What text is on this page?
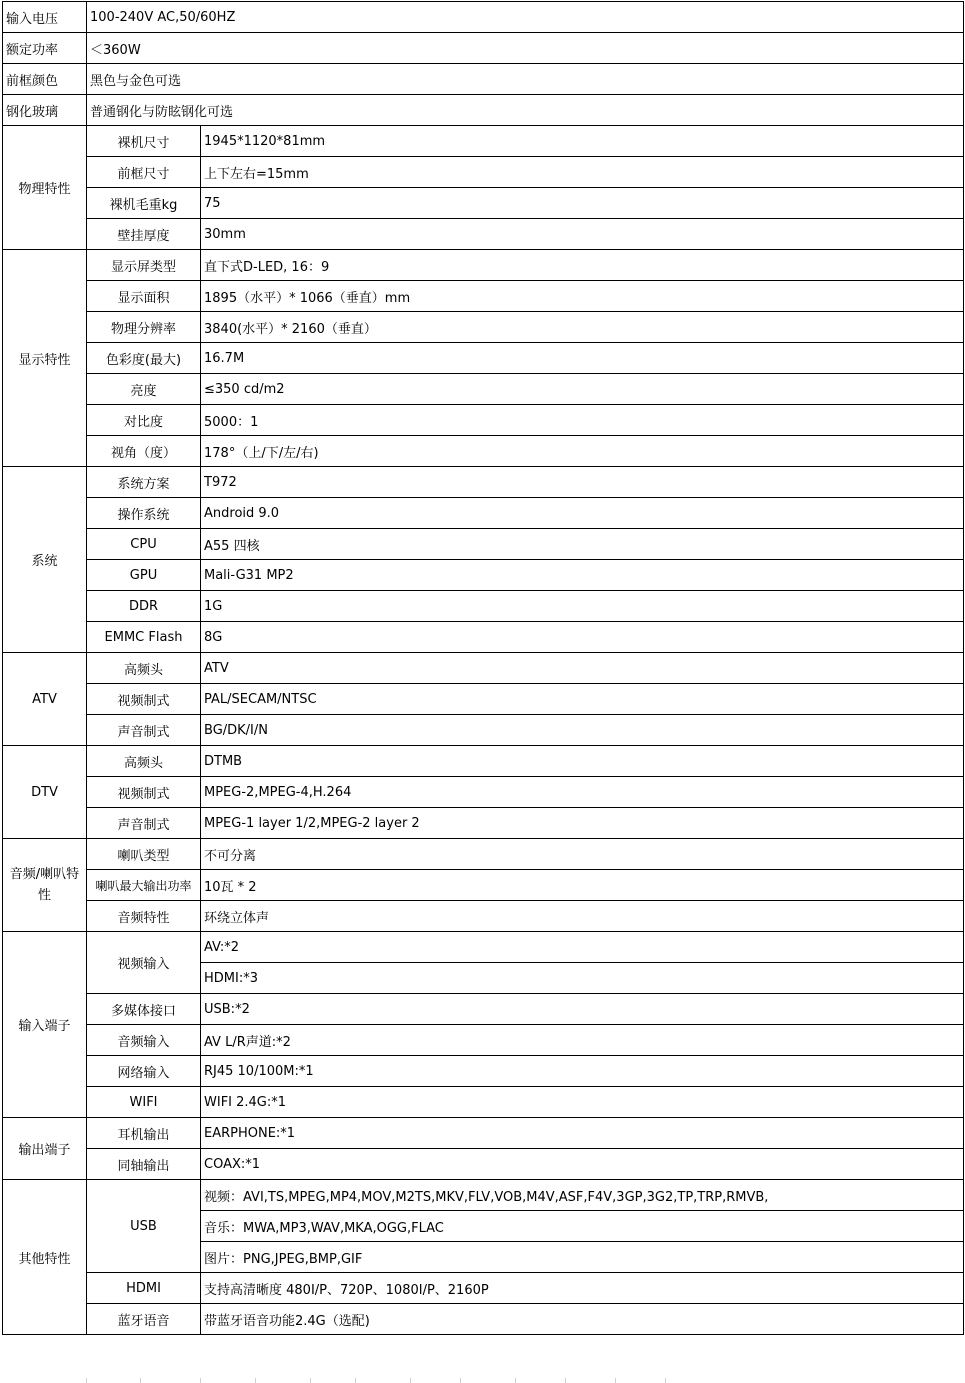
输入电压	100-240V AC,50/60HZ	
额定功率	＜360W	
前框颜色	黑色与金色可选	
钢化玻璃	普通钢化与防眩钢化可选	
物理特性	裸机尺寸	1945*1120*81mm
	前框尺寸	上下左右=15mm
	裸机毛重kg	75
	壁挂厚度	30mm
显示特性	显示屏类型	直下式D-LED, 16：9
	显示面积	1895（水平）* 1066（垂直）mm
	物理分辨率	3840(水平）* 2160（垂直）
	色彩度(最大)	16.7M
	亮度	≤350 cd/m2
	对比度	5000：1
	视角（度）	178°（上/下/左/右)
系统	系统方案	T972
	操作系统	Android 9.0
	CPU	A55 四核
	GPU	Mali-G31 MP2
	DDR	1G
	EMMC Flash	8G
ATV	高频头	ATV
	视频制式	PAL/SECAM/NTSC
	声音制式	BG/DK/I/N
DTV	高频头	DTMB
	视频制式	MPEG-2,MPEG-4,H.264
	声音制式	MPEG-1 layer 1/2,MPEG-2 layer 2
音频/喇叭特性	喇叭类型	不可分离
	喇叭最大输出功率	10瓦 * 2
	音频特性	环绕立体声
输入端子	视频输入	AV:*2
		HDMI:*3
	多媒体接口	USB:*2
	音频输入	AV L/R声道:*2
	网络输入	RJ45 10/100M:*1
	WIFI	WIFI 2.4G:*1
输出端子	耳机输出	EARPHONE:*1
	同轴输出	COAX:*1
其他特性	USB	视频：AVI,TS,MPEG,MP4,MOV,M2TS,MKV,FLV,VOB,M4V,ASF,F4V,3GP,3G2,TP,TRP,RMVB,
		音乐：MWA,MP3,WAV,MKA,OGG,FLAC
		图片：PNG,JPEG,BMP,GIF
	HDMI	支持高清晰度 480I/P、720P、1080I/P、2160P
	蓝牙语音	带蓝牙语音功能2.4G（选配)
